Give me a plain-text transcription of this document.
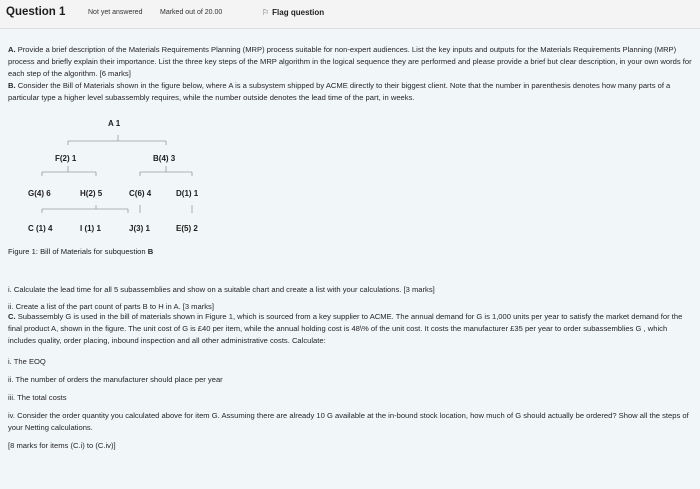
Question 1	Not yet answered	Marked out of 20.00	⚐ Flag question
A. Provide a brief description of the Materials Requirements Planning (MRP) process suitable for non-expert audiences. List the key inputs and outputs for the Materials Requirements Planning (MRP) process and briefly explain their importance. List the three key steps of the MRP algorithm in the logical sequence they are performed and please provide a brief but clear description, in your own words for each step of the algorithm. [6 marks]
B. Consider the Bill of Materials shown in the figure below, where A is a subsystem shipped by ACME directly to their biggest client. Note that the number in parenthesis denotes how many parts of a particular type a higher level subassembly requires, while the number outside denotes the lead time of the part, in weeks.
A 1
F(2) 1	B(4) 3
G(4) 6	H(2) 5	C(6) 4	D(1) 1
C (1) 4	I (1) 1	J(3) 1	E(5) 2
Figure 1: Bill of Materials for subquestion B
i. Calculate the lead time for all 5 subassemblies and show on a suitable chart and create a list with your calculations. [3 marks]
ii. Create a list of the part count of parts B to H in A. [3 marks]
C. Subassembly G is used in the bill of materials shown in Figure 1, which is sourced from a key supplier to ACME. The annual demand for G is 1,000 units per year to satisfy the market demand for the final product A, shown in the figure. The unit cost of G is £40 per item, while the annual holding cost is 48\% of the unit cost. It costs the manufacturer £35 per year to order subassemblies G , which includes quality, order placing, inbound inspection and all other administrative costs. Calculate:
i. The EOQ
ii. The number of orders the manufacturer should place per year
iii. The total costs
iv. Consider the order quantity you calculated above for item G. Assuming there are already 10 G available at the in-bound stock location, how much of G should actually be ordered? Show all the steps of your Netting calculations.
[8 marks for items (C.i) to (C.iv)]
